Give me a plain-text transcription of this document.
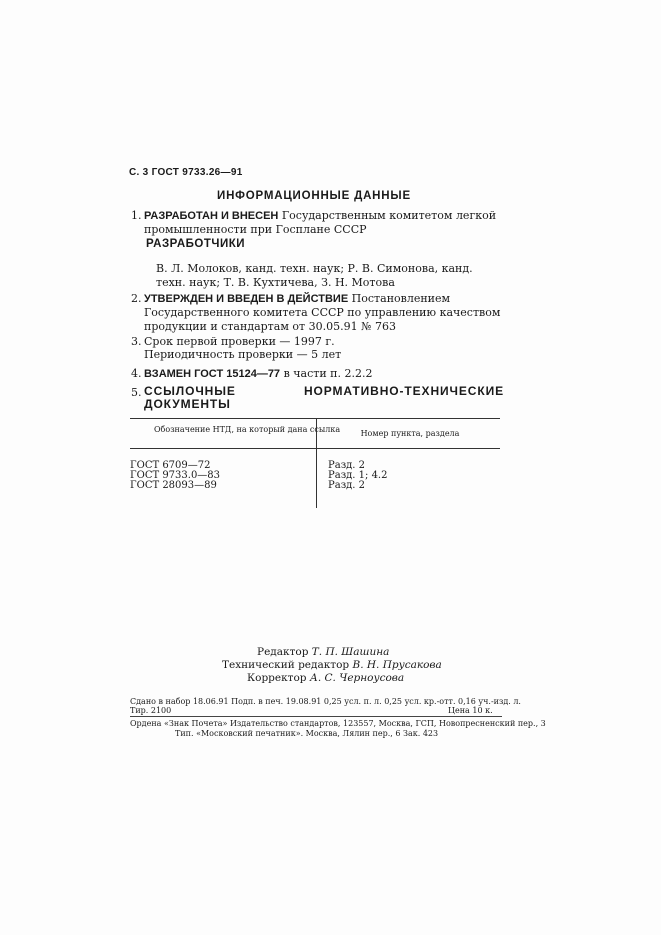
С. 3 ГОСТ 9733.26—91
ИНФОРМАЦИОННЫЕ ДАННЫЕ
1. РАЗРАБОТАН И ВНЕСЕН Государственным комитетом легкой промышленности при Госплане СССР
РАЗРАБОТЧИКИ
В. Л. Молоков, канд. техн. наук; Р. В. Симонова, канд. техн. наук; Т. В. Кухтичева, З. Н. Мотова
2. УТВЕРЖДЕН И ВВЕДЕН В ДЕЙСТВИЕ Постановлением Государственного комитета СССР по управлению качеством продукции и стандартам от 30.05.91 № 763
3. Срок первой проверки — 1997 г.
Периодичность проверки — 5 лет
4. ВЗАМЕН ГОСТ 15124—77 в части п. 2.2.2
5. ССЫЛОЧНЫЕ НОРМАТИВНО-ТЕХНИЧЕСКИЕ ДОКУМЕНТЫ
Обозначение НТД, на который дана ссылка	Номер пункта, раздела
ГОСТ 6709—72	Разд. 2
ГОСТ 9733.0—83	Разд. 1; 4.2
ГОСТ 28093—89	Разд. 2
Редактор Т. П. Шашина
Технический редактор В. Н. Прусакова
Корректор А. С. Черноусова
Сдано в набор 18.06.91 Подп. в печ. 19.08.91 0,25 усл. п. л. 0,25 усл. кр.-отт. 0,16 уч.-изд. л.
Тир. 2100	Цена 10 к.
Ордена «Знак Почета» Издательство стандартов, 123557, Москва, ГСП, Новопресненский пер., 3
Тип. «Московский печатник». Москва, Лялин пер., 6 Зак. 423
